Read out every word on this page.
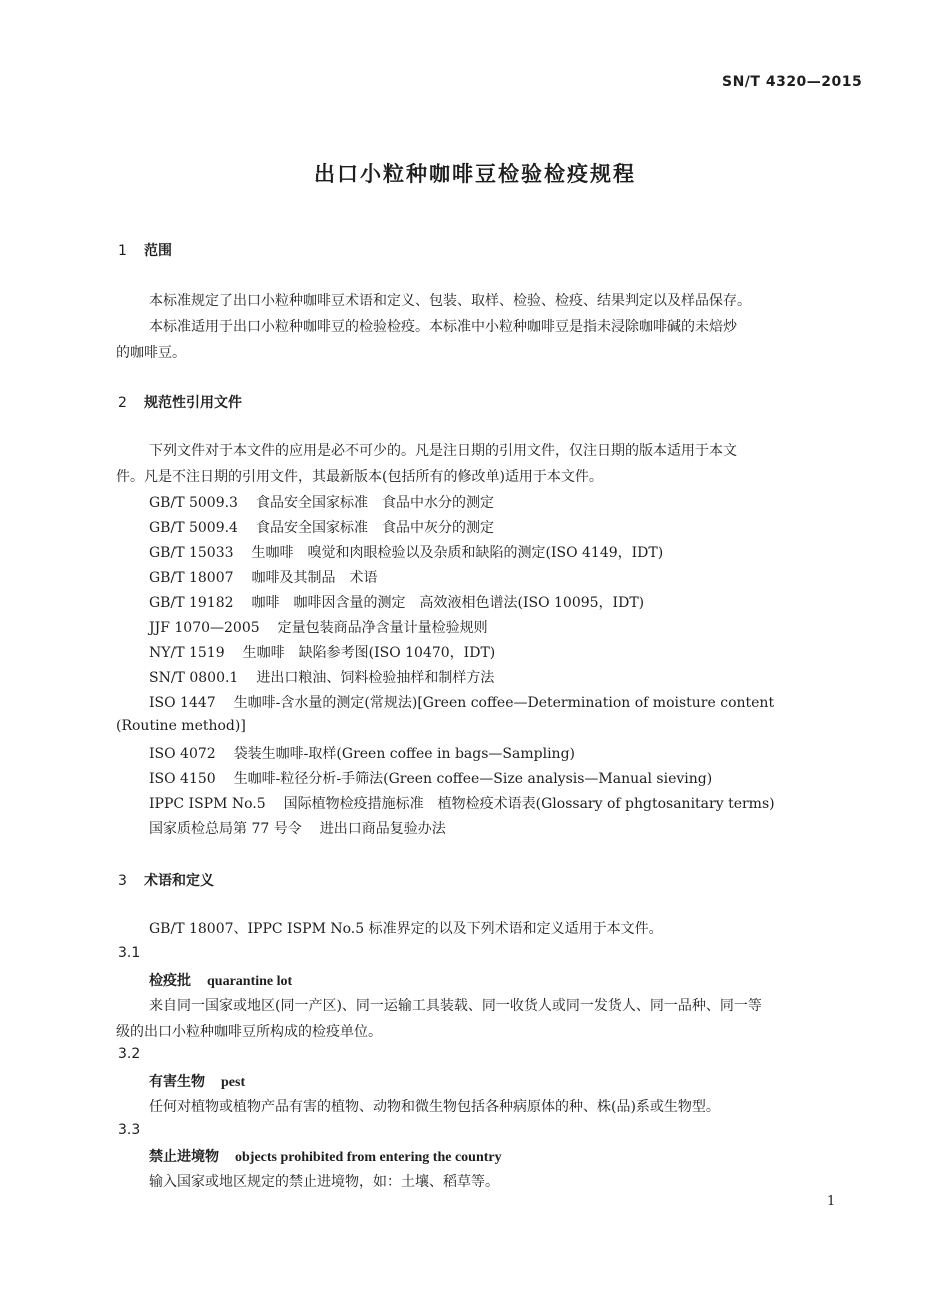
SN/T 4320—2015
出口小粒种咖啡豆检验检疫规程
1 范围
本标准规定了出口小粒种咖啡豆术语和定义、包装、取样、检验、检疫、结果判定以及样品保存。
本标准适用于出口小粒种咖啡豆的检验检疫。本标准中小粒种咖啡豆是指未浸除咖啡碱的未焙炒
的咖啡豆。
2 规范性引用文件
下列文件对于本文件的应用是必不可少的。凡是注日期的引用文件，仅注日期的版本适用于本文
件。凡是不注日期的引用文件，其最新版本(包括所有的修改单)适用于本文件。
GB/T 5009.3 食品安全国家标准　食品中水分的测定
GB/T 5009.4 食品安全国家标准　食品中灰分的测定
GB/T 15033 生咖啡　嗅觉和肉眼检验以及杂质和缺陷的测定(ISO 4149，IDT)
GB/T 18007 咖啡及其制品　术语
GB/T 19182 咖啡　咖啡因含量的测定　高效液相色谱法(ISO 10095，IDT)
JJF 1070—2005 定量包装商品净含量计量检验规则
NY/T 1519 生咖啡　缺陷参考图(ISO 10470，IDT)
SN/T 0800.1 进出口粮油、饲料检验抽样和制样方法
ISO 1447 生咖啡-含水量的测定(常规法)[Green coffee—Determination of moisture content
(Routine method)]
ISO 4072 袋装生咖啡-取样(Green coffee in bags—Sampling)
ISO 4150 生咖啡-粒径分析-手筛法(Green coffee—Size analysis—Manual sieving)
IPPC ISPM No.5 国际植物检疫措施标准　植物检疫术语表(Glossary of phgtosanitary terms)
国家质检总局第 77 号令 进出口商品复验办法
3 术语和定义
GB/T 18007、IPPC ISPM No.5 标准界定的以及下列术语和定义适用于本文件。
3.1
检疫批 quarantine lot
来自同一国家或地区(同一产区)、同一运输工具装载、同一收货人或同一发货人、同一品种、同一等
级的出口小粒种咖啡豆所构成的检疫单位。
3.2
有害生物 pest
任何对植物或植物产品有害的植物、动物和微生物包括各种病原体的种、株(品)系或生物型。
3.3
禁止进境物 objects prohibited from entering the country
输入国家或地区规定的禁止进境物，如：土壤、稻草等。
1
